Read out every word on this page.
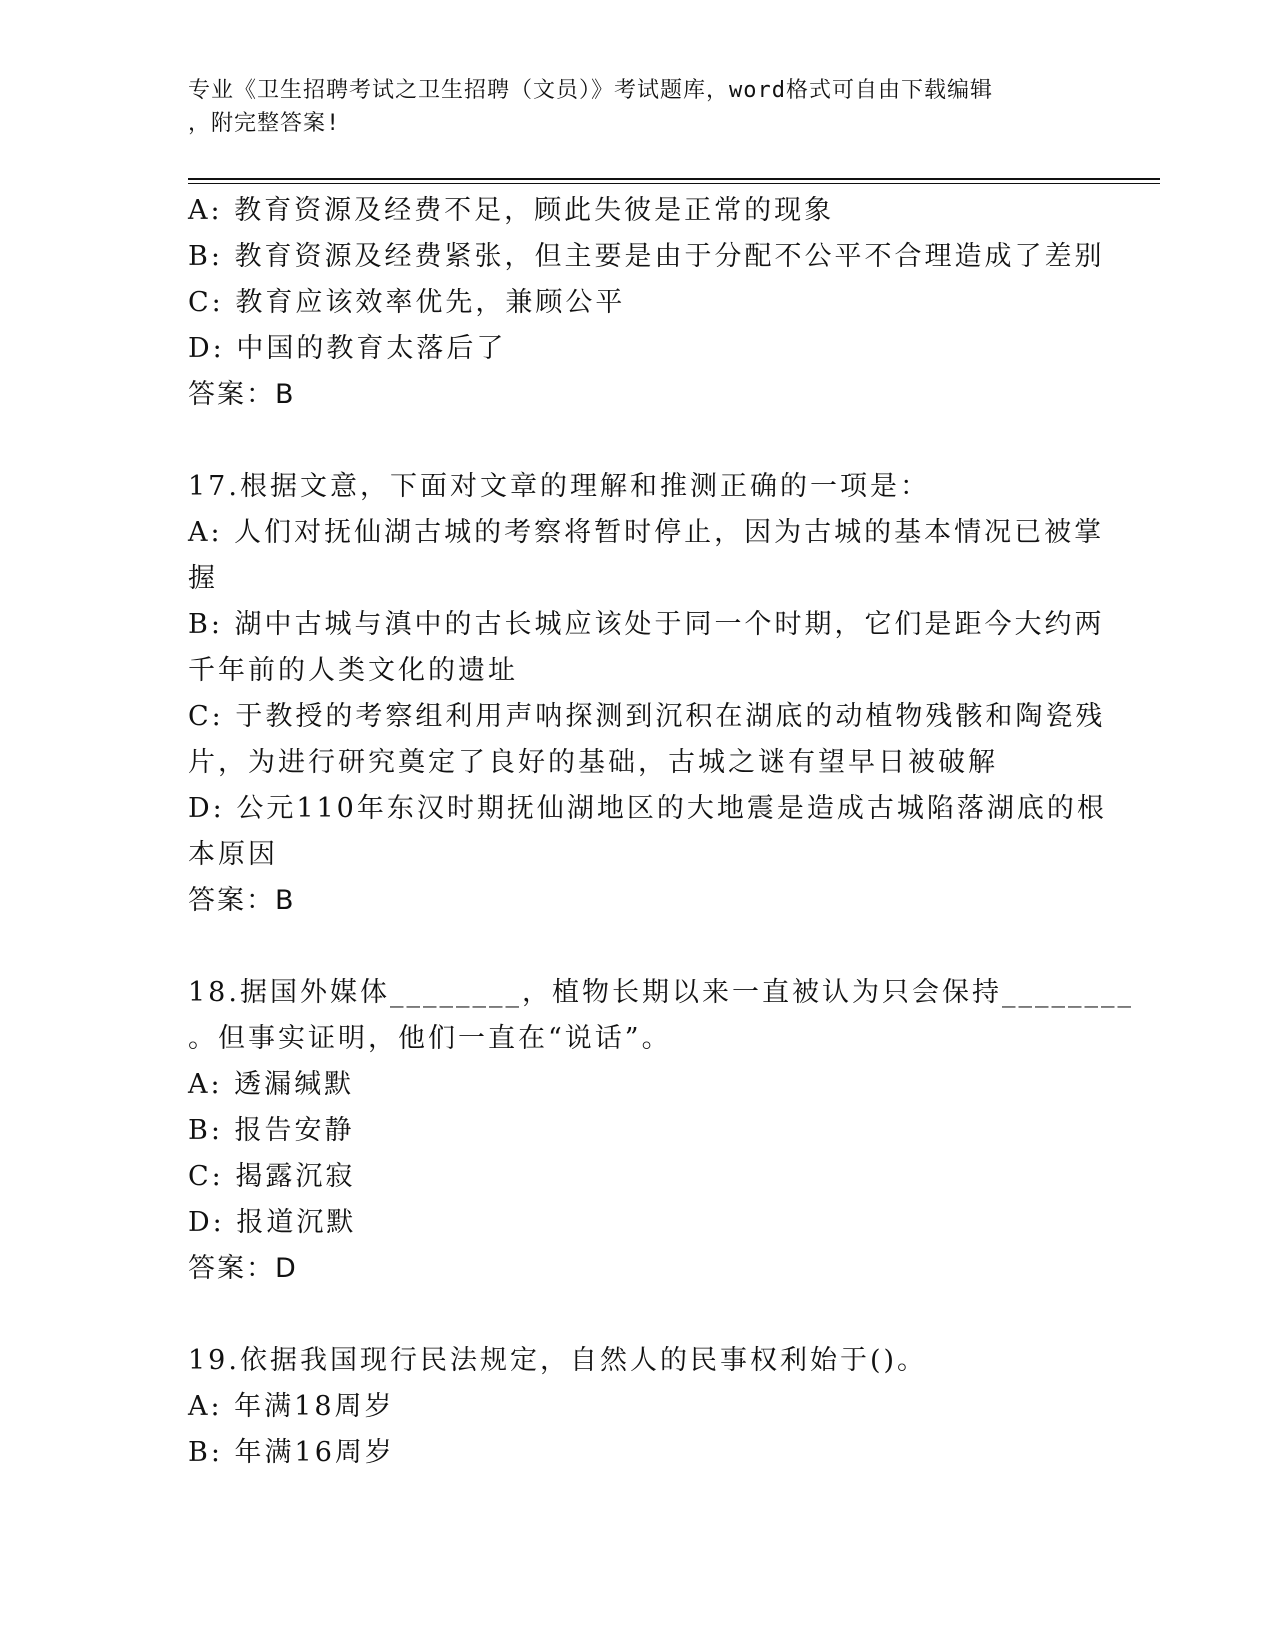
专业《卫生招聘考试之卫生招聘（文员）》考试题库，word格式可自由下载编辑
，附完整答案!
A: 教育资源及经费不足，顾此失彼是正常的现象
B: 教育资源及经费紧张，但主要是由于分配不公平不合理造成了差别
C: 教育应该效率优先，兼顾公平
D: 中国的教育太落后了
答案：B
17.根据文意，下面对文章的理解和推测正确的一项是：
A: 人们对抚仙湖古城的考察将暂时停止，因为古城的基本情况已被掌
握
B: 湖中古城与滇中的古长城应该处于同一个时期，它们是距今大约两
千年前的人类文化的遗址
C: 于教授的考察组利用声呐探测到沉积在湖底的动植物残骸和陶瓷残
片，为进行研究奠定了良好的基础，古城之谜有望早日被破解
D: 公元110年东汉时期抚仙湖地区的大地震是造成古城陷落湖底的根
本原因
答案：B
18.据国外媒体________，植物长期以来一直被认为只会保持________
。但事实证明，他们一直在“说话”。
A: 透漏缄默
B: 报告安静
C: 揭露沉寂
D: 报道沉默
答案：D
19.依据我国现行民法规定，自然人的民事权利始于()。
A: 年满18周岁
B: 年满16周岁
